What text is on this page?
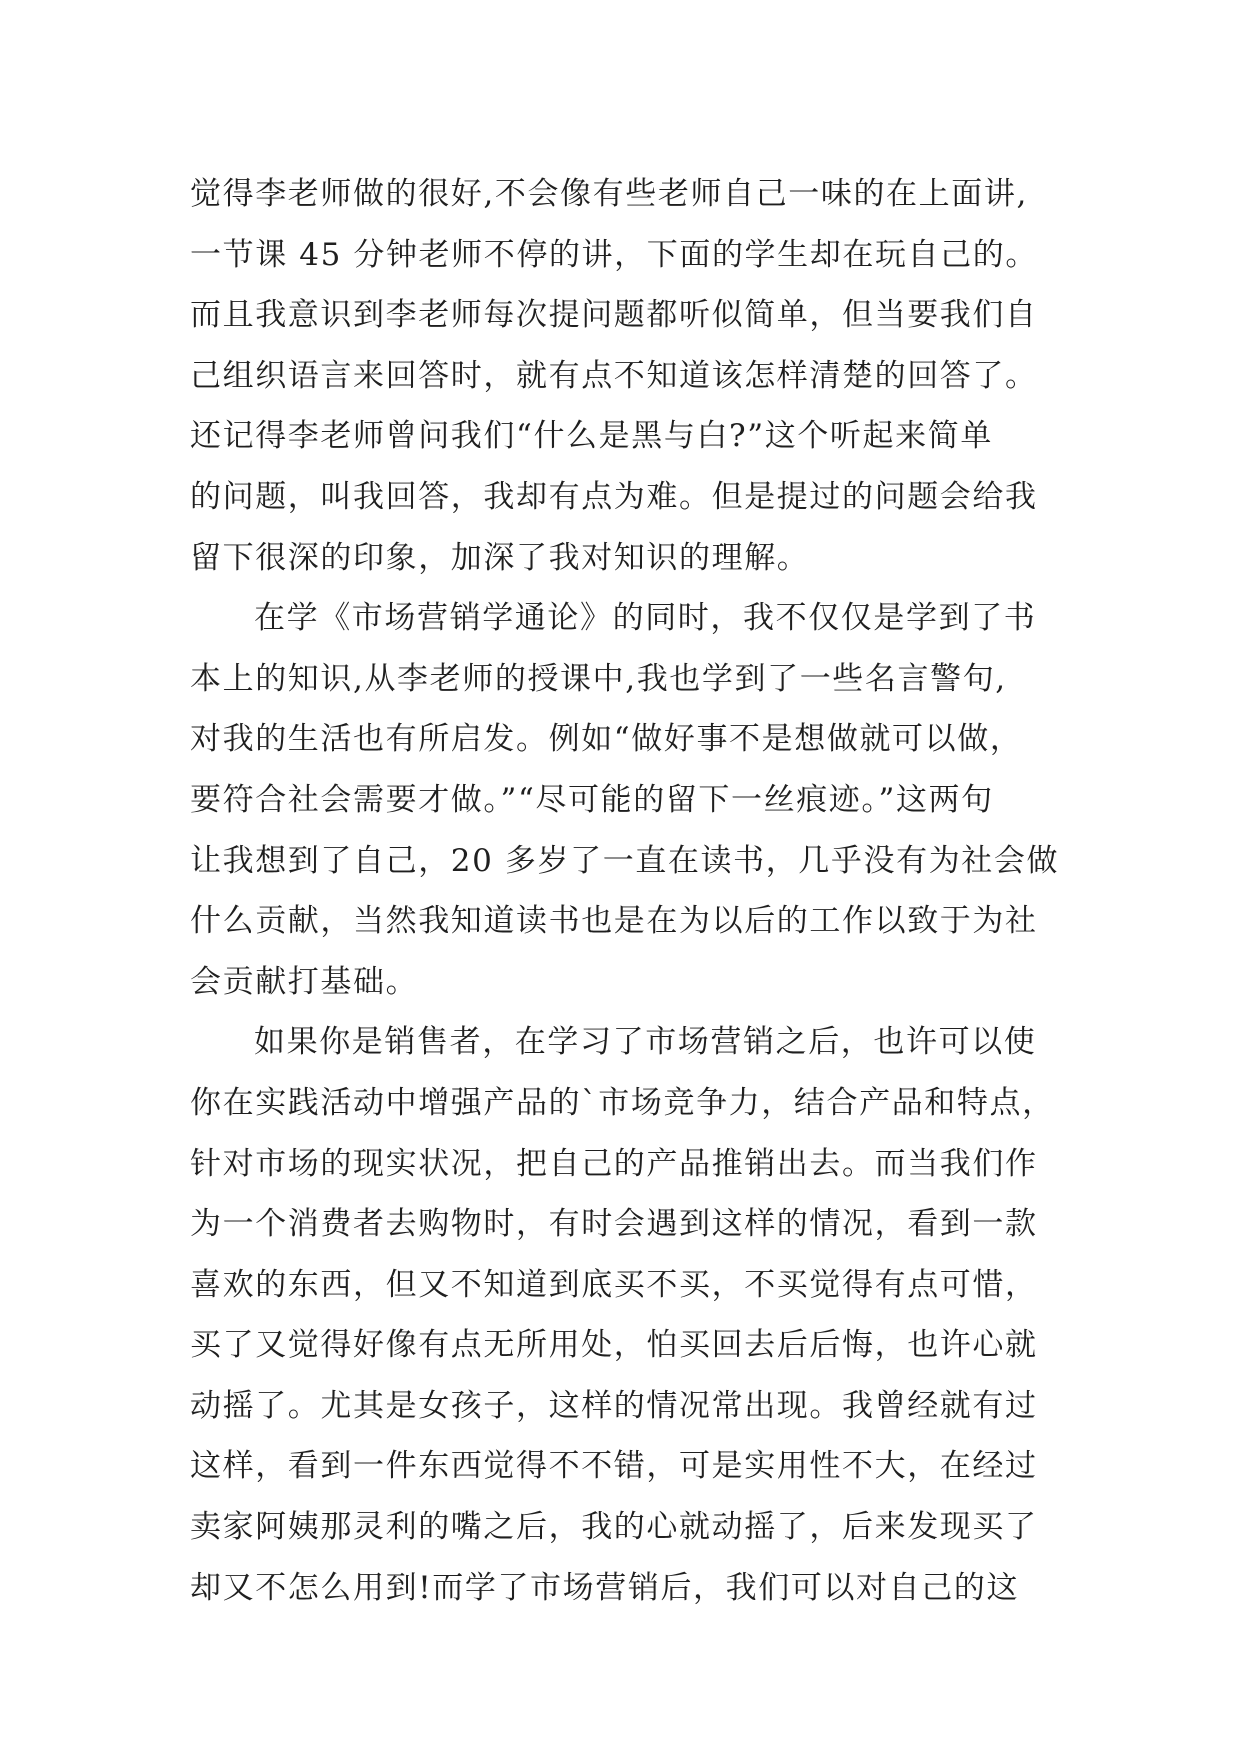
觉得李老师做的很好,不会像有些老师自己一味的在上面讲,
一节课 45 分钟老师不停的讲，下面的学生却在玩自己的。
而且我意识到李老师每次提问题都听似简单，但当要我们自
己组织语言来回答时，就有点不知道该怎样清楚的回答了。
还记得李老师曾问我们“什么是黑与白?”这个听起来简单
的问题，叫我回答，我却有点为难。但是提过的问题会给我
留下很深的印象，加深了我对知识的理解。
在学《市场营销学通论》的同时，我不仅仅是学到了书
本上的知识,从李老师的授课中,我也学到了一些名言警句,
对我的生活也有所启发。例如“做好事不是想做就可以做，
要符合社会需要才做。”“尽可能的留下一丝痕迹。”这两句
让我想到了自己，20 多岁了一直在读书，几乎没有为社会做
什么贡献，当然我知道读书也是在为以后的工作以致于为社
会贡献打基础。
如果你是销售者，在学习了市场营销之后，也许可以使
你在实践活动中增强产品的`市场竞争力，结合产品和特点，
针对市场的现实状况，把自己的产品推销出去。而当我们作
为一个消费者去购物时，有时会遇到这样的情况，看到一款
喜欢的东西，但又不知道到底买不买，不买觉得有点可惜，
买了又觉得好像有点无所用处，怕买回去后后悔，也许心就
动摇了。尤其是女孩子，这样的情况常出现。我曾经就有过
这样，看到一件东西觉得不不错，可是实用性不大，在经过
卖家阿姨那灵利的嘴之后，我的心就动摇了，后来发现买了
却又不怎么用到!而学了市场营销后，我们可以对自己的这
